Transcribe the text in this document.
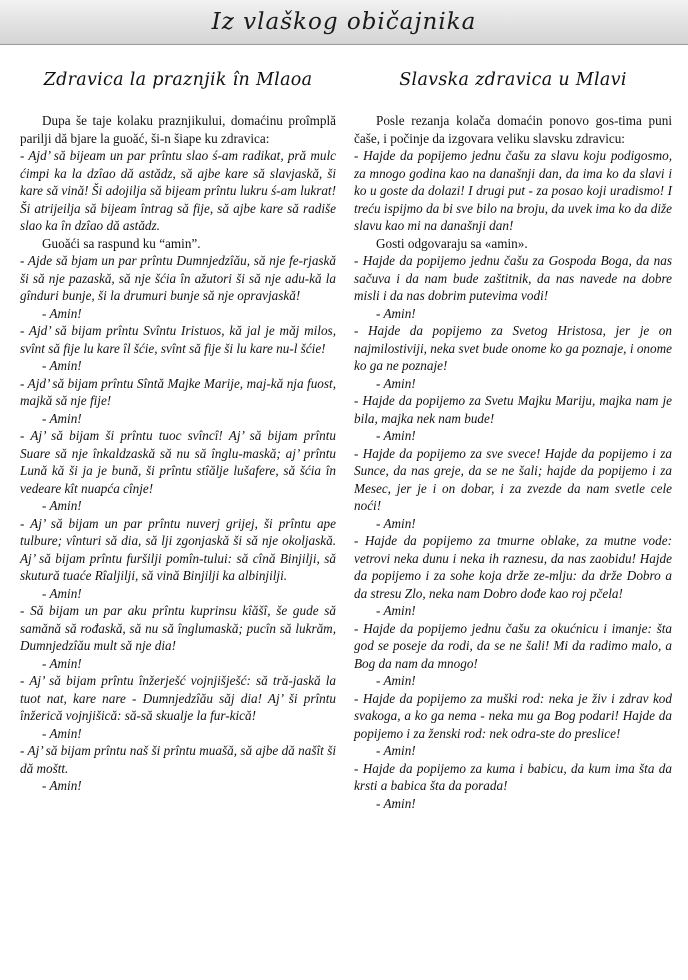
Iz vlaškog običajnika
Zdravica la praznjik în Mlaoa

Dupa še taje kolaku praznjikului, domaćinu proîmplă parilji dă bjare la guoăć, ši-n šiape ku zdravica:

- Ajd’ să bijeam un par prîntu slao ś-am radikat, pră mulc ćimpi ka la dzîao dă astădz, să ajbe kare să slavjaskă, ši kare să vină! Ši adojilja să bijeam prîntu lukru ś-am lukrat! Ši atrijeilja să bijeam întrag să fije, să ajbe kare să radiše slao ka în dzîao dă astădz.

Guoăći sa raspund ku “amin”.

- Ajde să bjam un par prîntu Dumnjedzîău, să nje fe-rjaskă ši să nje pazaskă, să nje šćia în ažutori ši să nje adu-kă la gînduri bunje, ši la drumuri bunje să nje opravjaskă!

- Amin!

- Ajd’ să bijam prîntu Svîntu Iristuos, kă jal je măj milos, svînt să fije lu kare îl šćie, svînt să fije ši lu kare nu-l šćie!

- Amin!

- Ajd’ să bijam prîntu Sîntă Majke Marije, maj-kă nja fuost, majkă să nje fije!

- Amin!

- Aj’ să bijam ši prîntu tuoc svîncî! Aj’ să bijam prîntu Suare să nje înkaldzaskă să nu să înglu-maskă; aj’ prîntu Lună kă ši ja je bună, ši prîntu stîălje lušafere, să šćia în vedeare kît nuapća cînje!

- Amin!

- Aj’ să bijam un par prîntu nuverj grijej, ši prîntu ape tulbure; vînturi să dia, să lji zgonjaskă ši să nje okoljaskă. Aj’ să bijam prîntu furšilji pomîn-tului: să cînă Binjilji, să skutură tuaće Rîaljilji, să vină Binjilji ka albinjilji.

- Amin!

- Să bijam un par aku prîntu kuprinsu kîăšî, še gude să samănă să rođaskă, să nu să înglumaskă; pucîn să lukrăm, Dumnjedzîău mult să nje dia!

- Amin!

- Aj’ să bijam prîntu înžerješć vojnjišješć: să tră-jaskă la tuot nat, kare nare - Dumnjedzîău săj dia! Aj’ ši prîntu înžerică vojnjišică: să-să skualje la fur-kică!

- Amin!

- Aj’ să bijam prîntu naš ši prîntu muašă, să ajbe dă našît ši dă moštt.

- Amin!

Slavska zdravica u Mlavi

Posle rezanja kolača domaćin ponovo gos-tima puni čaše, i počinje da izgovara veliku slavsku zdravicu:

- Hajde da popijemo jednu čašu za slavu koju podigosmo, za mnogo godina kao na današnji dan, da ima ko da slavi i ko u goste da dolazi! I drugi put - za posao koji uradismo! I treću ispijmo da bi sve bilo na broju, da uvek ima ko da diže slavu kao mi na današnji dan!

Gosti odgovaraju sa «amin».

- Hajde da popijemo jednu čašu za Gospoda Boga, da nas sačuva i da nam bude zaštitnik, da nas navede na dobre misli i da nas dobrim putevima vodi!

- Amin!

- Hajde da popijemo za Svetog Hristosa, jer je on najmilostiviji, neka svet bude onome ko ga poznaje, i onome ko ga ne poznaje!

- Amin!

- Hajde da popijemo za Svetu Majku Mariju, majka nam je bila, majka nek nam bude!

- Amin!

- Hajde da popijemo za sve svece! Hajde da popijemo i za Sunce, da nas greje, da se ne šali; hajde da popijemo i za Mesec, jer je i on dobar, i za zvezde da nam svetle cele noći!

- Amin!

- Hajde da popijemo za tmurne oblake, za mutne vode: vetrovi neka dunu i neka ih raznesu, da nas zaobidu! Hajde da popijemo i za sohe koja drže ze-mlju: da drže Dobro a da stresu Zlo, neka nam Dobro dođe kao roj pčela!

- Amin!

- Hajde da popijemo jednu čašu za okućnicu i imanje: šta god se poseje da rodi, da se ne šali! Mi da radimo malo, a Bog da nam da mnogo!

- Amin!

- Hajde da popijemo za muški rod: neka je živ i zdrav kod svakoga, a ko ga nema - neka mu ga Bog podari! Hajde da popijemo i za ženski rod: nek odra-ste do preslice!

- Amin!

- Hajde da popijemo za kuma i babicu, da kum ima šta da krsti a babica šta da porada!

- Amin!
